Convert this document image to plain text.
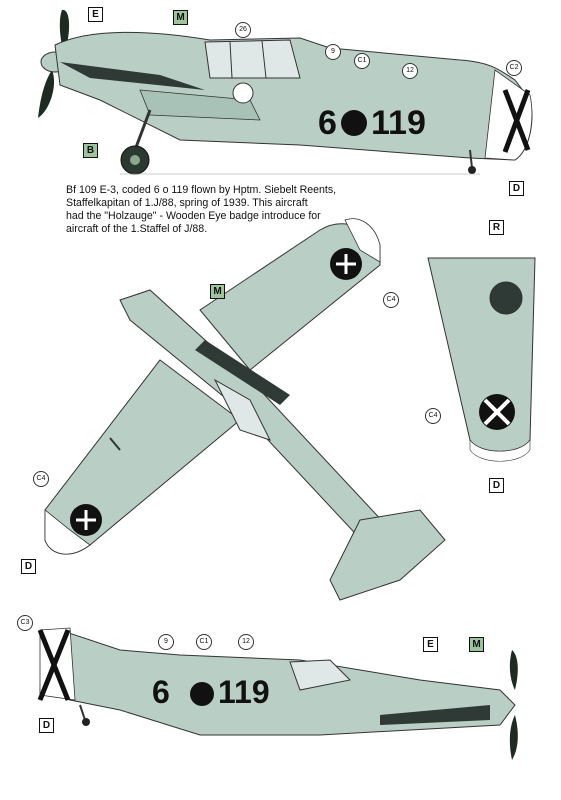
6 119
6 119
Bf 109 E-3, coded 6 o 119 flown by Hptm. Siebelt Reents,
Staffelkapitan of 1.J/88, spring of 1939. This aircraft
had the "Holzauge" - Wooden Eye badge introduce for
aircraft of the 1.Staffel of J/88.
E	M
B
D
M
R
D
D
E	M
D
26
9
C1
12	C2
C4
C4
C4
C3
9	C1	12
